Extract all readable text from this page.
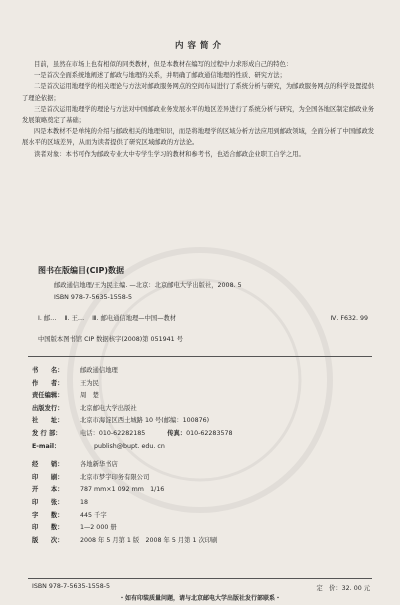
内容简介

目前，虽然在市场上也有相似的同类教材，但是本教材在编写的过程中力求形成自己的特色：

一是首次全面系统地阐述了邮政与地理的关系，并明确了邮政通信地理的性质、研究方法；

二是首次运用地理学的相关理论与方法对邮政服务网点的空间布局进行了系统分析与研究，为邮政服务网点的科学设置提供了理论依据；

三是首次运用地理学的理论与方法对中国邮政业务发展水平的地区差异进行了系统分析与研究，为全国各地区制定邮政业务发展策略奠定了基础；

四是本教材不是单纯的介绍与邮政相关的地理知识，而是将地理学的区域分析方法应用到邮政领域，全面分析了中国邮政发展水平的区域差异，从而为读者提供了研究区域邮政的方法论。

读者对象：本书可作为邮政专业大中专学生学习的教材和参考书，也适合邮政企业职工自学之用。

图书在版编目(CIP)数据
邮政通信地理/王为民主编. —北京：北京邮电大学出版社，2008. 5
ISBN 978-7-5635-1558-5
Ⅰ. 邮… Ⅱ. 王… Ⅲ. 邮电通信地理—中国—教材	Ⅳ. F632. 99
中国版本图书馆 CIP 数据核字(2008)第 051941 号
书　　名：	邮政通信地理
作　　者：	王为民
责任编辑：	周　楚
出版发行：	北京邮电大学出版社
社　　址：	北京市海淀区西土城路 10 号(邮编：100876)
发 行 部：	电话：010-62282185	传真： 010-62283578
E-mail：	publish@bupt. edu. cn
经　　销：	各地新华书店
印　　刷：	北京市梦宇印务有限公司
开　　本：	787 mm×1 092 mm　1/16
印　　张：	18
字　　数：	445 千字
印　　数：	1—2 000 册
版　　次：	2008 年 5 月第 1 版　2008 年 5 月第 1 次印刷
ISBN 978-7-5635-1558-5	定　价：32. 00 元
・如有印装质量问题，请与北京邮电大学出版社发行部联系・
